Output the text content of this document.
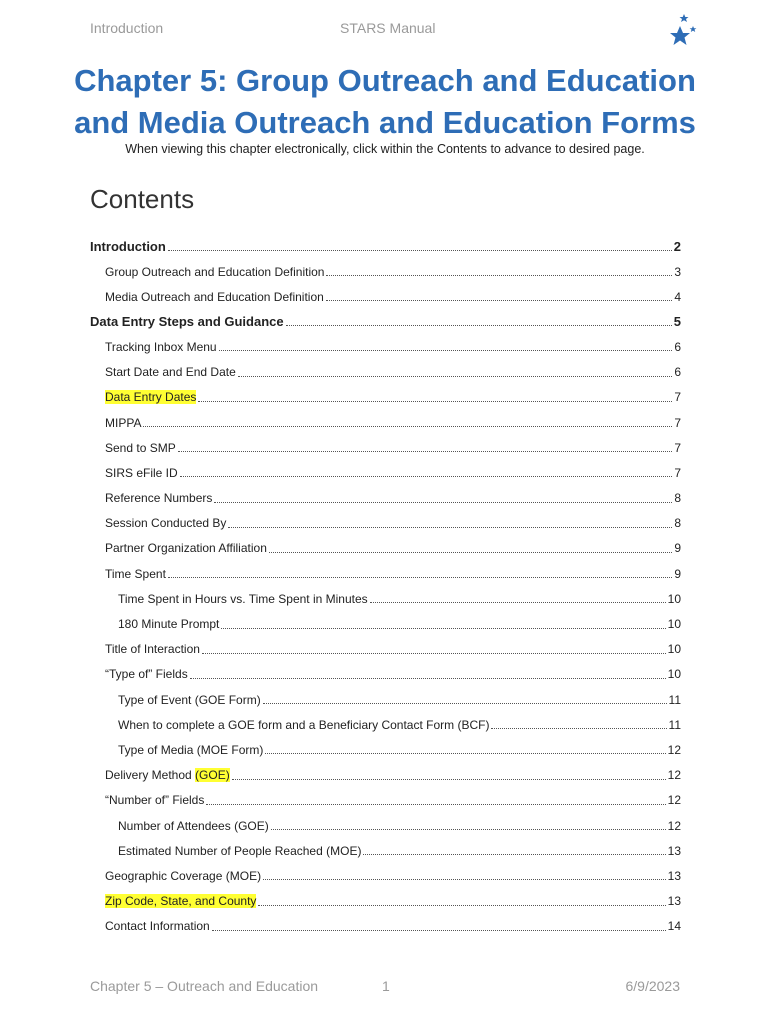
Introduction	STARS Manual
Chapter 5: Group Outreach and Education
and Media Outreach and Education Forms
When viewing this chapter electronically, click within the Contents to advance to desired page.
Contents
Introduction	2
Group Outreach and Education Definition	3
Media Outreach and Education Definition	4
Data Entry Steps and Guidance	5
Tracking Inbox Menu	6
Start Date and End Date	6
Data Entry Dates	7
MIPPA	7
Send to SMP	7
SIRS eFile ID	7
Reference Numbers	8
Session Conducted By	8
Partner Organization Affiliation	9
Time Spent	9
Time Spent in Hours vs. Time Spent in Minutes	10
180 Minute Prompt	10
Title of Interaction	10
“Type of” Fields	10
Type of Event (GOE Form)	11
When to complete a GOE form and a Beneficiary Contact Form (BCF)	11
Type of Media (MOE Form)	12
Delivery Method (GOE)	12
“Number of” Fields	12
Number of Attendees (GOE)	12
Estimated Number of People Reached (MOE)	13
Geographic Coverage (MOE)	13
Zip Code, State, and County	13
Contact Information	14
Chapter 5 – Outreach and Education	1	6/9/2023
